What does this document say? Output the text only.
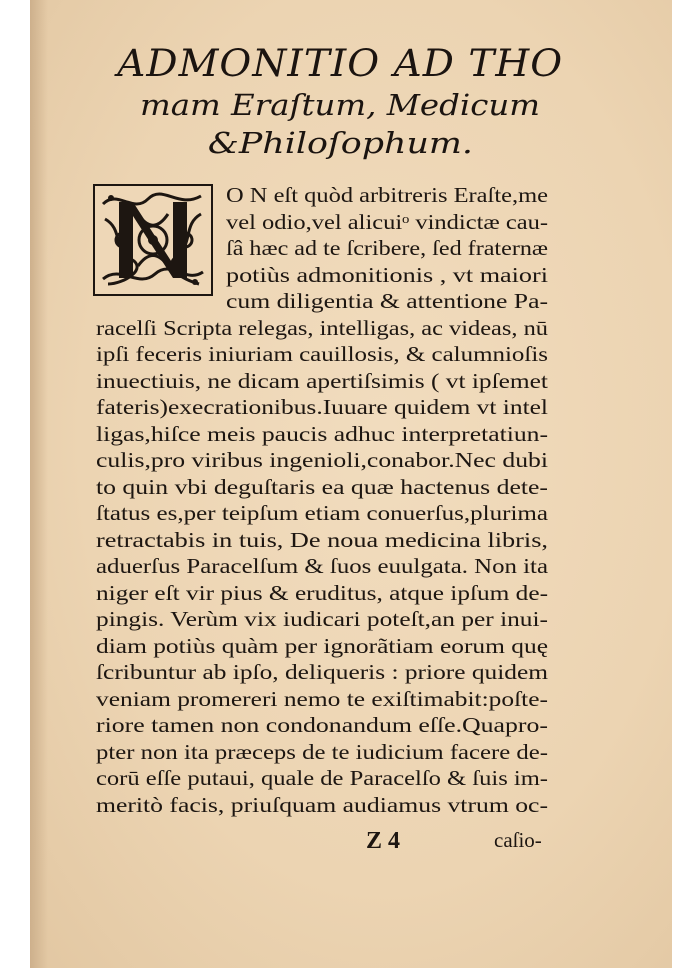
ADMONITIO AD THO
mam Eraſtum, Medicum
&Philoſophum.
O N eſt quòd arbitreris Eraſte,me
vel odio,vel alicuiᵒ vindictæ cau-
ſâ hæc ad te ſcribere, ſed fraternæ
potiùs admonitionis , vt maiori
cum diligentia & attentione Pa-
racelſi Scripta relegas, intelligas, ac videas, nū
ipſi feceris iniuriam cauillosis, & calumnioſis
inuectiuis, ne dicam apertiſsimis ( vt ipſemet
fateris)execrationibus.Iuuare quidem vt intel
ligas,hiſce meis paucis adhuc interpretatiun-
culis,pro viribus ingenioli,conabor.Nec dubi
to quin vbi deguſtaris ea quæ hactenus dete-
ſtatus es,per teipſum etiam conuerſus,plurima
retractabis in tuis, De noua medicina libris,
aduerſus Paracelſum & ſuos euulgata. Non ita
niger eſt vir pius & eruditus, atque ipſum de-
pingis. Verùm vix iudicari poteſt,an per inui-
diam potiùs quàm per ignorãtiam eorum quę
ſcribuntur ab ipſo, deliqueris : priore quidem
veniam promereri nemo te exiſtimabit:poſte-
riore tamen non condonandum eſſe.Quapro-
pter non ita præceps de te iudicium facere de-
corū eſſe putaui, quale de Paracelſo & ſuis im-
meritò facis, priuſquam audiamus vtrum oc-
Z 4	caſio-
